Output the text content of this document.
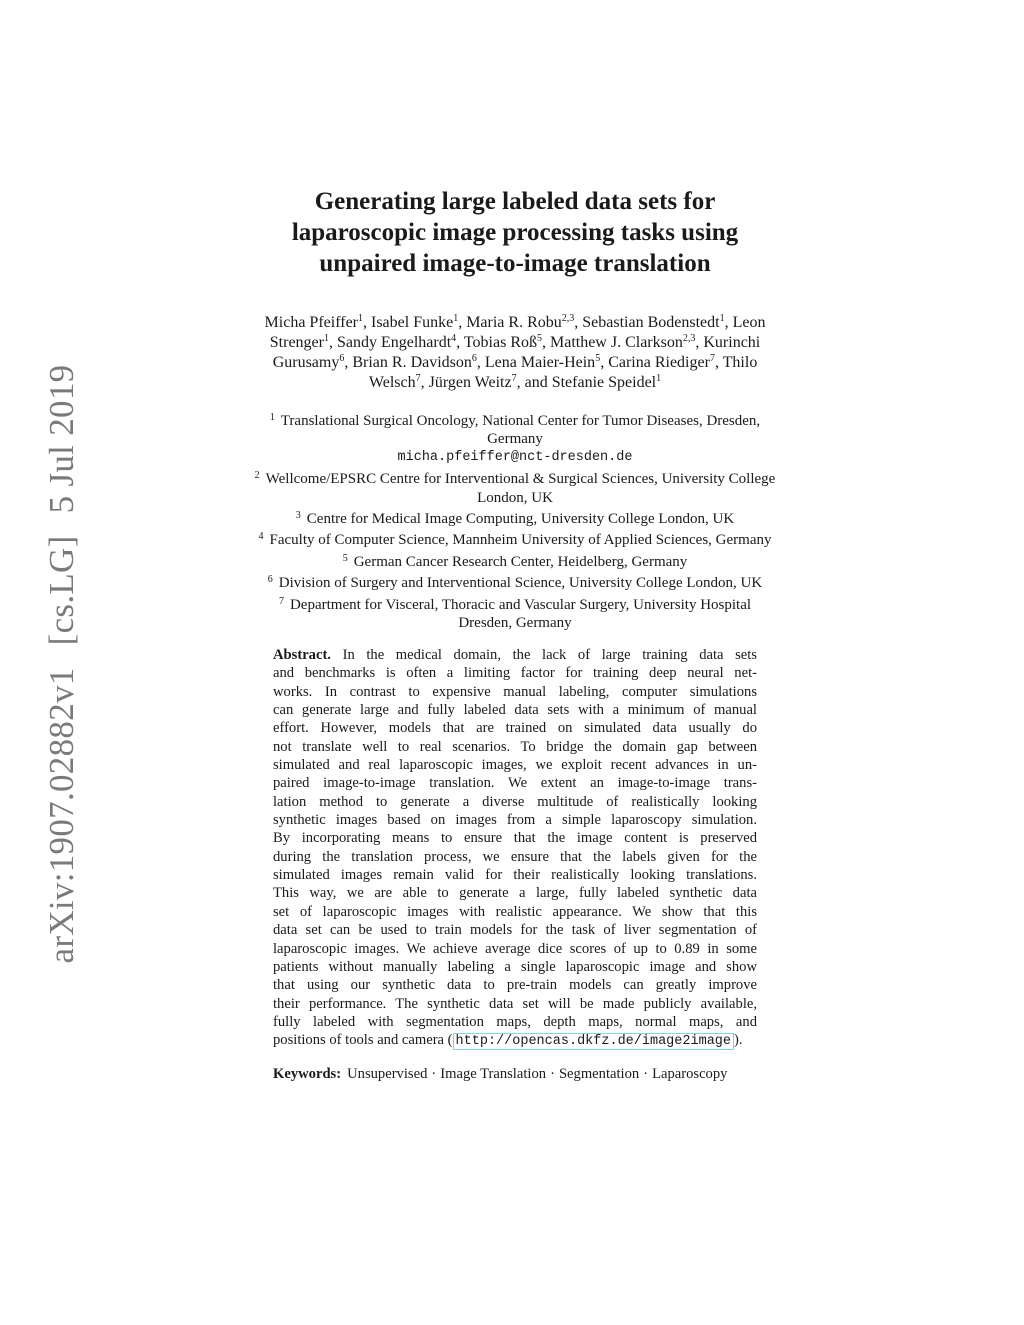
arXiv:1907.02882v1[cs.LG]5 Jul 2019
Generating large labeled data sets for
laparoscopic image processing tasks using
unpaired image-to-image translation
Micha Pfeiffer$^1$, Isabel Funke$^1$, Maria R. Robu$^{2,3}$, Sebastian Bodenstedt$^1$, Leon
Strenger$^1$, Sandy Engelhardt$^4$, Tobias Roß$^5$, Matthew J. Clarkson$^{2,3}$, Kurinchi
Gurusamy$^6$, Brian R. Davidson$^6$, Lena Maier-Hein$^5$, Carina Riediger$^7$, Thilo
Welsch$^7$, Jürgen Weitz$^7$, and Stefanie Speidel$^1$
$^1$ Translational Surgical Oncology, National Center for Tumor Diseases, Dresden,
Germany
micha.pfeiffer@nct-dresden.de
$^2$ Wellcome/EPSRC Centre for Interventional & Surgical Sciences, University College
London, UK
$^3$ Centre for Medical Image Computing, University College London, UK
$^4$ Faculty of Computer Science, Mannheim University of Applied Sciences, Germany
$^5$ German Cancer Research Center, Heidelberg, Germany
$^6$ Division of Surgery and Interventional Science, University College London, UK
$^7$ Department for Visceral, Thoracic and Vascular Surgery, University Hospital
Dresden, Germany
Abstract. In the medical domain, the lack of large training data sets
and benchmarks is often a limiting factor for training deep neural net-
works. In contrast to expensive manual labeling, computer simulations
can generate large and fully labeled data sets with a minimum of manual
effort. However, models that are trained on simulated data usually do
not translate well to real scenarios. To bridge the domain gap between
simulated and real laparoscopic images, we exploit recent advances in un-
paired image-to-image translation. We extent an image-to-image trans-
lation method to generate a diverse multitude of realistically looking
synthetic images based on images from a simple laparoscopy simulation.
By incorporating means to ensure that the image content is preserved
during the translation process, we ensure that the labels given for the
simulated images remain valid for their realistically looking translations.
This way, we are able to generate a large, fully labeled synthetic data
set of laparoscopic images with realistic appearance. We show that this
data set can be used to train models for the task of liver segmentation of
laparoscopic images. We achieve average dice scores of up to 0.89 in some
patients without manually labeling a single laparoscopic image and show
that using our synthetic data to pre-train models can greatly improve
their performance. The synthetic data set will be made publicly available,
fully labeled with segmentation maps, depth maps, normal maps, and
positions of tools and camera ( http://opencas.dkfz.de/image2image ).
Keywords: Unsupervised · Image Translation · Segmentation · Laparoscopy
